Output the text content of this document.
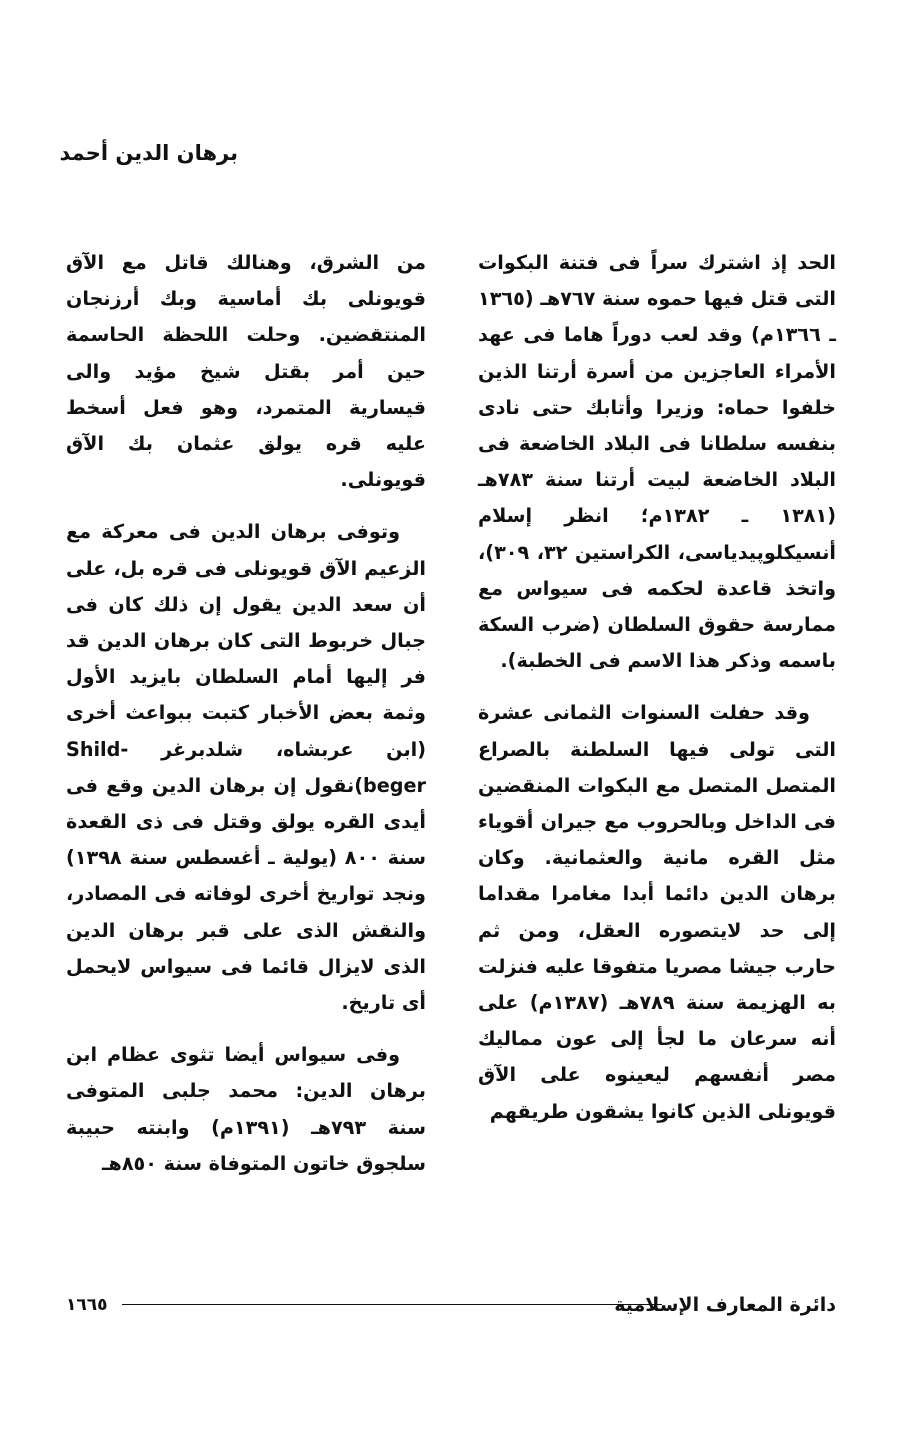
برهان الدين أحمد

الحد إذ اشترك سراً فى فتنة البكوات التى قتل فيها حموه سنة ٧٦٧هـ (١٣٦٥ ـ ١٣٦٦م) وقد لعب دوراً هاما فى عهد الأمراء العاجزين من أسرة أرتنا الذين خلفوا حماه: وزيرا وأتابك حتى نادى بنفسه سلطانا فى البلاد الخاضعة فى البلاد الخاضعة لبيت أرتنا سنة ٧٨٣هـ (١٣٨١ ـ ١٣٨٢م؛ انظر إسلام أنسيكلوپيدياسى، الكراستين ٣٢، ٣٠٩)، واتخذ قاعدة لحكمه فى سيواس مع ممارسة حقوق السلطان (ضرب السكة باسمه وذكر هذا الاسم فى الخطبة).

وقد حفلت السنوات الثمانى عشرة التى تولى فيها السلطنة بالصراع المتصل المتصل مع البكوات المنقضين فى الداخل وبالحروب مع جيران أقوياء مثل القره مانية والعثمانية. وكان برهان الدين دائما أبدا مغامرا مقداما إلى حد لايتصوره العقل، ومن ثم حارب جيشا مصريا متفوقا عليه فنزلت به الهزيمة سنة ٧٨٩هـ (١٣٨٧م) على أنه سرعان ما لجأ إلى عون مماليك مصر أنفسهم ليعينوه على الآق قويونلى الذين كانوا يشقون طريقهم

من الشرق، وهنالك قاتل مع الآق قويونلى بك أماسية وبك أرزنجان المنتقضين. وحلت اللحظة الحاسمة حين أمر بقتل شيخ مؤيد والى قيسارية المتمرد، وهو فعل أسخط عليه قره يولق عثمان بك الآق قويونلى.

وتوفى برهان الدين فى معركة مع الزعيم الآق قويونلى فى قره بل، على أن سعد الدين يقول إن ذلك كان فى جبال خربوط التى كان برهان الدين قد فر إليها أمام السلطان بايزيد الأول وثمة بعض الأخبار كتبت ببواعث أخرى (ابن عربشاه، شلدبرغر Shild-beger)نقول إن برهان الدين وقع فى أيدى القره يولق وقتل فى ذى القعدة سنة ٨٠٠ (يولية ـ أغسطس سنة ١٣٩٨) ونجد تواريخ أخرى لوفاته فى المصادر، والنقش الذى على قبر برهان الدين الذى لايزال قائما فى سيواس لايحمل أى تاريخ.

وفى سيواس أيضا تثوى عظام ابن برهان الدين: محمد جلبى المتوفى سنة ٧٩٣هـ (١٣٩١م) وابنته حبيبة سلجوق خاتون المتوفاة سنة ٨٥٠هـ

دائرة المعارف الإسلامية
١٦٦٥
